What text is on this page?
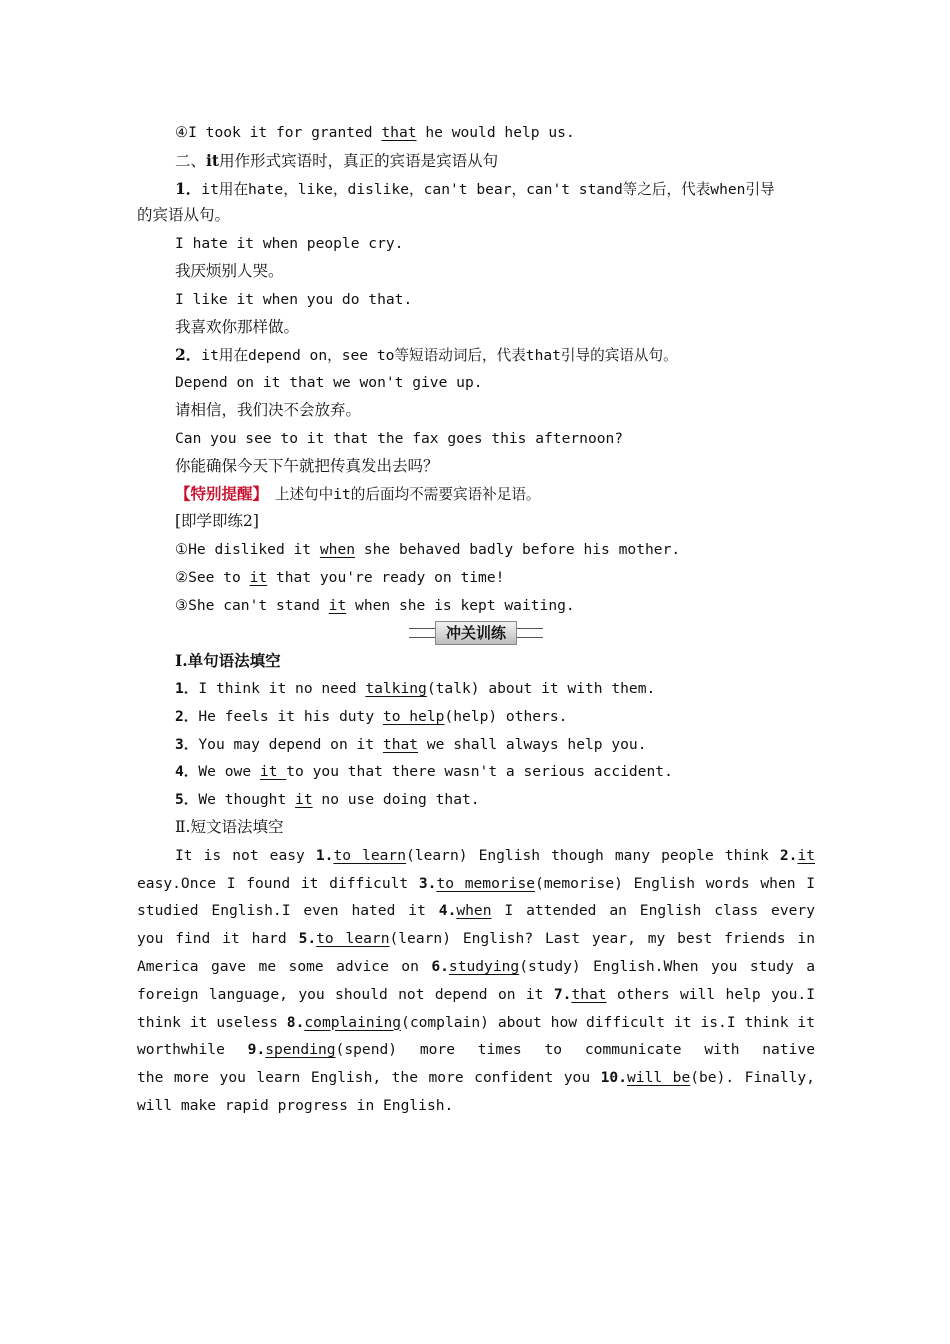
④I took it for granted that he would help us.
二、it用作形式宾语时，真正的宾语是宾语从句
1．it用在hate，like，dislike，can't bear，can't stand等之后，代表when引导
的宾语从句。
I hate it when people cry.
我厌烦别人哭。
I like it when you do that.
我喜欢你那样做。
2．it用在depend on，see to等短语动词后，代表that引导的宾语从句。
Depend on it that we won't give up.
请相信，我们决不会放弃。
Can you see to it that the fax goes this afternoon?
你能确保今天下午就把传真发出去吗？
【特别提醒】　上述句中it的后面均不需要宾语补足语。
[即学即练2]
①He disliked it when she behaved badly before his mother.
②See to it that you're ready on time!
③She can't stand it when she is kept waiting.
冲关训练
Ⅰ.单句语法填空
1．I think it no need talking(talk) about it with them.
2．He feels it his duty to help(help) others.
3．You may depend on it that we shall always help you.
4．We owe it to you that there wasn't a serious accident.
5．We thought it no use doing that.
Ⅱ.短文语法填空
It is not easy 1.to learn(learn) English though many people think 2.it
easy.Once I found it difficult 3.to memorise(memorise) English words when I
studied English.I even hated it 4.when I attended an English class every
you find it hard 5.to learn(learn) English? Last year, my best friends in
America gave me some advice on 6.studying(study) English.When you study a
foreign language, you should not depend on it 7.that others will help you.I
think it useless 8.complaining(complain) about how difficult it is.I think it
worthwhile 9.spending(spend) more times to communicate with native
the more you learn English, the more confident you 10.will be(be). Finally,
will make rapid progress in English.
